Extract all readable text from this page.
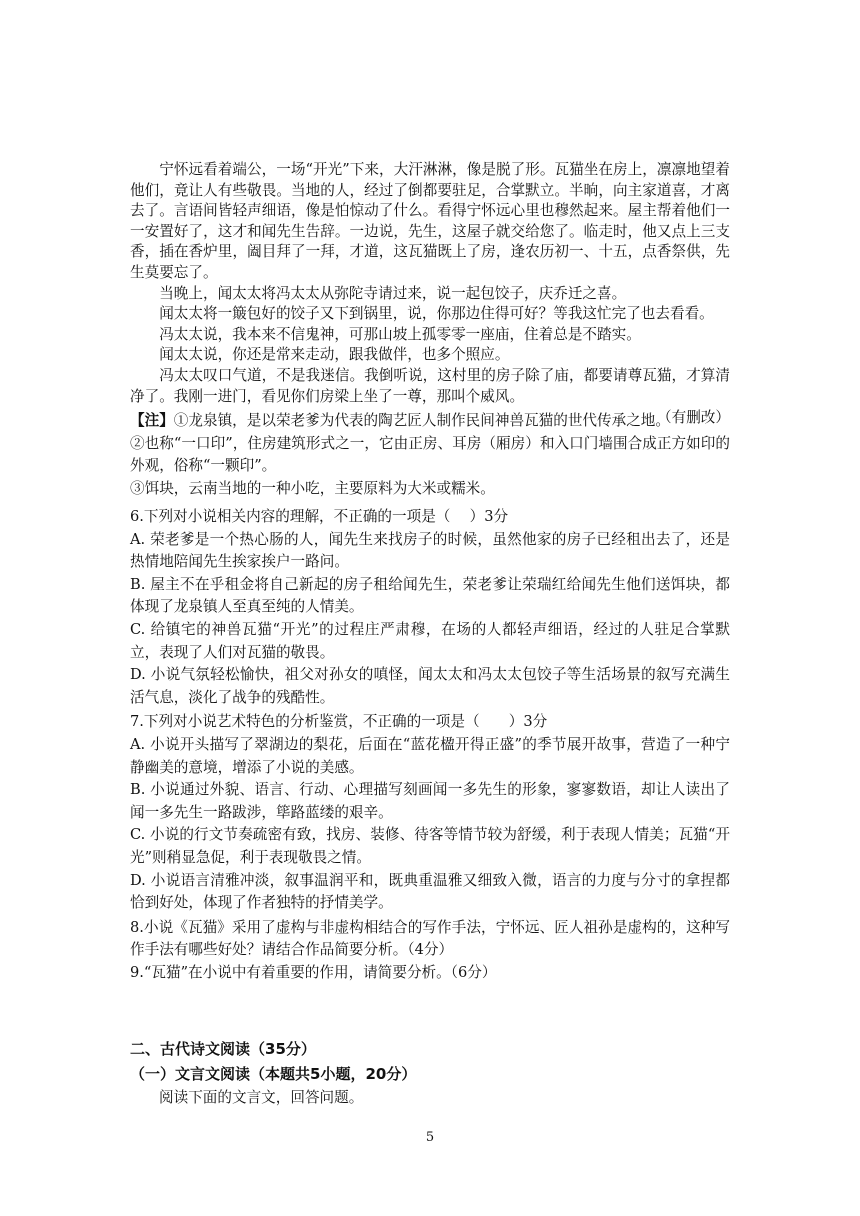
宁怀远看着端公，一场“开光”下来，大汗淋淋，像是脱了形。瓦猫坐在房上，凛凛地望着他们，竟让人有些敬畏。当地的人，经过了倒都要驻足，合掌默立。半晌，向主家道喜，才离去了。言语间皆轻声细语，像是怕惊动了什么。看得宁怀远心里也穆然起来。屋主帮着他们一一安置好了，这才和闻先生告辞。一边说，先生，这屋子就交给您了。临走时，他又点上三支香，插在香炉里，阖目拜了一拜，才道，这瓦猫既上了房，逢农历初一、十五，点香祭供，先生莫要忘了。

当晚上，闻太太将冯太太从弥陀寺请过来，说一起包饺子，庆乔迁之喜。

闻太太将一簸包好的饺子又下到锅里，说，你那边住得可好？等我这忙完了也去看看。

冯太太说，我本来不信鬼神，可那山坡上孤零零一座庙，住着总是不踏实。

闻太太说，你还是常来走动，跟我做伴，也多个照应。

冯太太叹口气道，不是我迷信。我倒听说，这村里的房子除了庙，都要请尊瓦猫，才算清净了。我刚一进门，看见你们房梁上坐了一尊，那叫个威风。

（有删改）

【注】①龙泉镇，是以荣老爹为代表的陶艺匠人制作民间神兽瓦猫的世代传承之地。

②也称“一口印”，住房建筑形式之一，它由正房、耳房（厢房）和入口门墙围合成正方如印的外观，俗称“一颗印”。

③饵块，云南当地的一种小吃，主要原料为大米或糯米。

6.下列对小说相关内容的理解，不正确的一项是（　 ）3分

A. 荣老爹是一个热心肠的人，闻先生来找房子的时候，虽然他家的房子已经租出去了，还是热情地陪闻先生挨家挨户一路问。

B. 屋主不在乎租金将自己新起的房子租给闻先生，荣老爹让荣瑞红给闻先生他们送饵块，都体现了龙泉镇人至真至纯的人情美。

C. 给镇宅的神兽瓦猫“开光”的过程庄严肃穆，在场的人都轻声细语，经过的人驻足合掌默立，表现了人们对瓦猫的敬畏。

D. 小说气氛轻松愉快，祖父对孙女的嗔怪，闻太太和冯太太包饺子等生活场景的叙写充满生活气息，淡化了战争的残酷性。

7.下列对小说艺术特色的分析鉴赏，不正确的一项是（　　）3分

A. 小说开头描写了翠湖边的梨花，后面在“蓝花楹开得正盛”的季节展开故事，营造了一种宁静幽美的意境，增添了小说的美感。

B. 小说通过外貌、语言、行动、心理描写刻画闻一多先生的形象，寥寥数语，却让人读出了闻一多先生一路跋涉，筚路蓝缕的艰辛。

C. 小说的行文节奏疏密有致，找房、装修、待客等情节较为舒缓，利于表现人情美；瓦猫“开光”则稍显急促，利于表现敬畏之情。

D. 小说语言清雅冲淡，叙事温润平和，既典重温雅又细致入微，语言的力度与分寸的拿捏都恰到好处，体现了作者独特的抒情美学。

8.小说《瓦猫》采用了虚构与非虚构相结合的写作手法，宁怀远、匠人祖孙是虚构的，这种写作手法有哪些好处？请结合作品简要分析。（4分）

9.“瓦猫”在小说中有着重要的作用，请简要分析。（6分）

二、古代诗文阅读（35分）
（一）文言文阅读（本题共5小题，20分）
阅读下面的文言文，回答问题。
5
